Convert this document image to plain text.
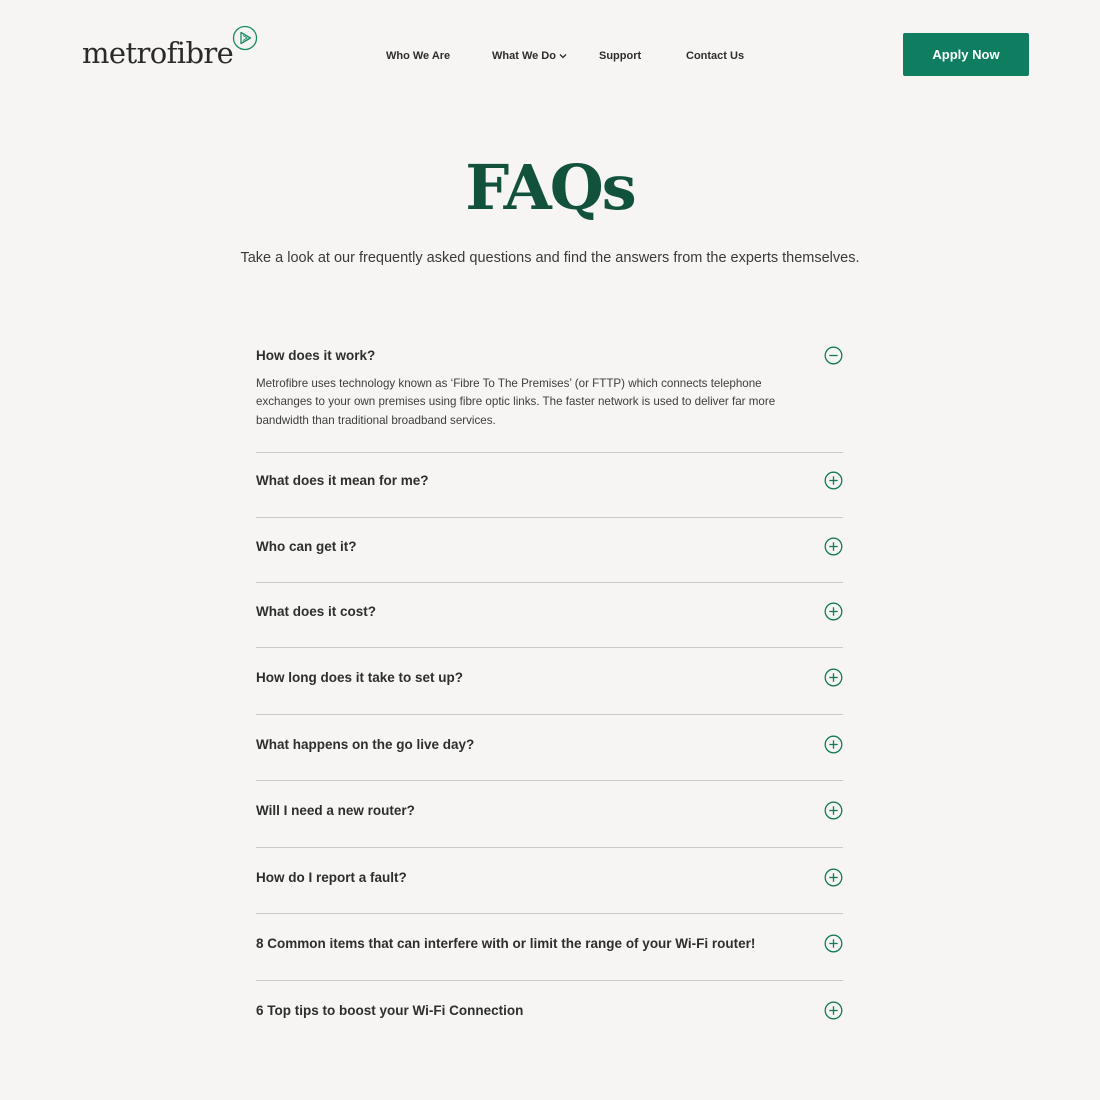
metrofibre	Who We Are	What We Do	Support	Contact Us	Apply Now
FAQs

Take a look at our frequently asked questions and find the answers from the experts themselves.

How does it work?

Metrofibre uses technology known as ‘Fibre To The Premises’ (or FTTP) which connects telephone exchanges to your own premises using fibre optic links. The faster network is used to deliver far more bandwidth than traditional broadband services.

What does it mean for me?
Who can get it?
What does it cost?
How long does it take to set up?
What happens on the go live day?
Will I need a new router?
How do I report a fault?
8 Common items that can interfere with or limit the range of your Wi-Fi router!
6 Top tips to boost your Wi-Fi Connection
